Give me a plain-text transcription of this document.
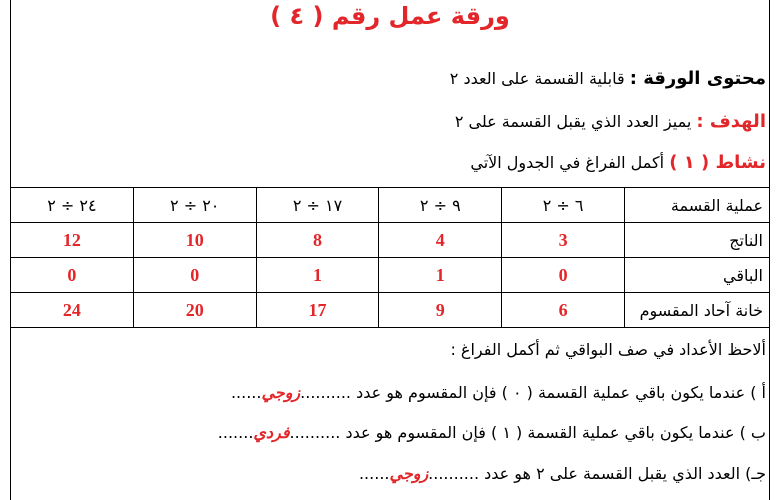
ورقة عمل رقم ( ٤ )
محتوى الورقة : قابلية القسمة على العدد ٢
الهدف : يميز العدد الذي يقبل القسمة على ٢
نشاط ( ١ ) أكمل الفراغ في الجدول الآتي
عملية القسمة	٦ ÷ ٢	٩ ÷ ٢	١٧ ÷ ٢	٢٠ ÷ ٢	٢٤ ÷ ٢
الناتج	3	4	8	10	12
الباقي	0	1	1	0	0
خانة آحاد المقسوم	6	9	17	20	24
ألاحظ الأعداد في صف البواقي ثم أكمل الفراغ :
أ ) عندما يكون باقي عملية القسمة ( ٠ ) فإن المقسوم هو عدد ..........زوجي......
ب ) عندما يكون باقي عملية القسمة ( ١ ) فإن المقسوم هو عدد ..........فردي.......
جـ) العدد الذي يقبل القسمة على ٢ هو عدد ..........زوجي......
